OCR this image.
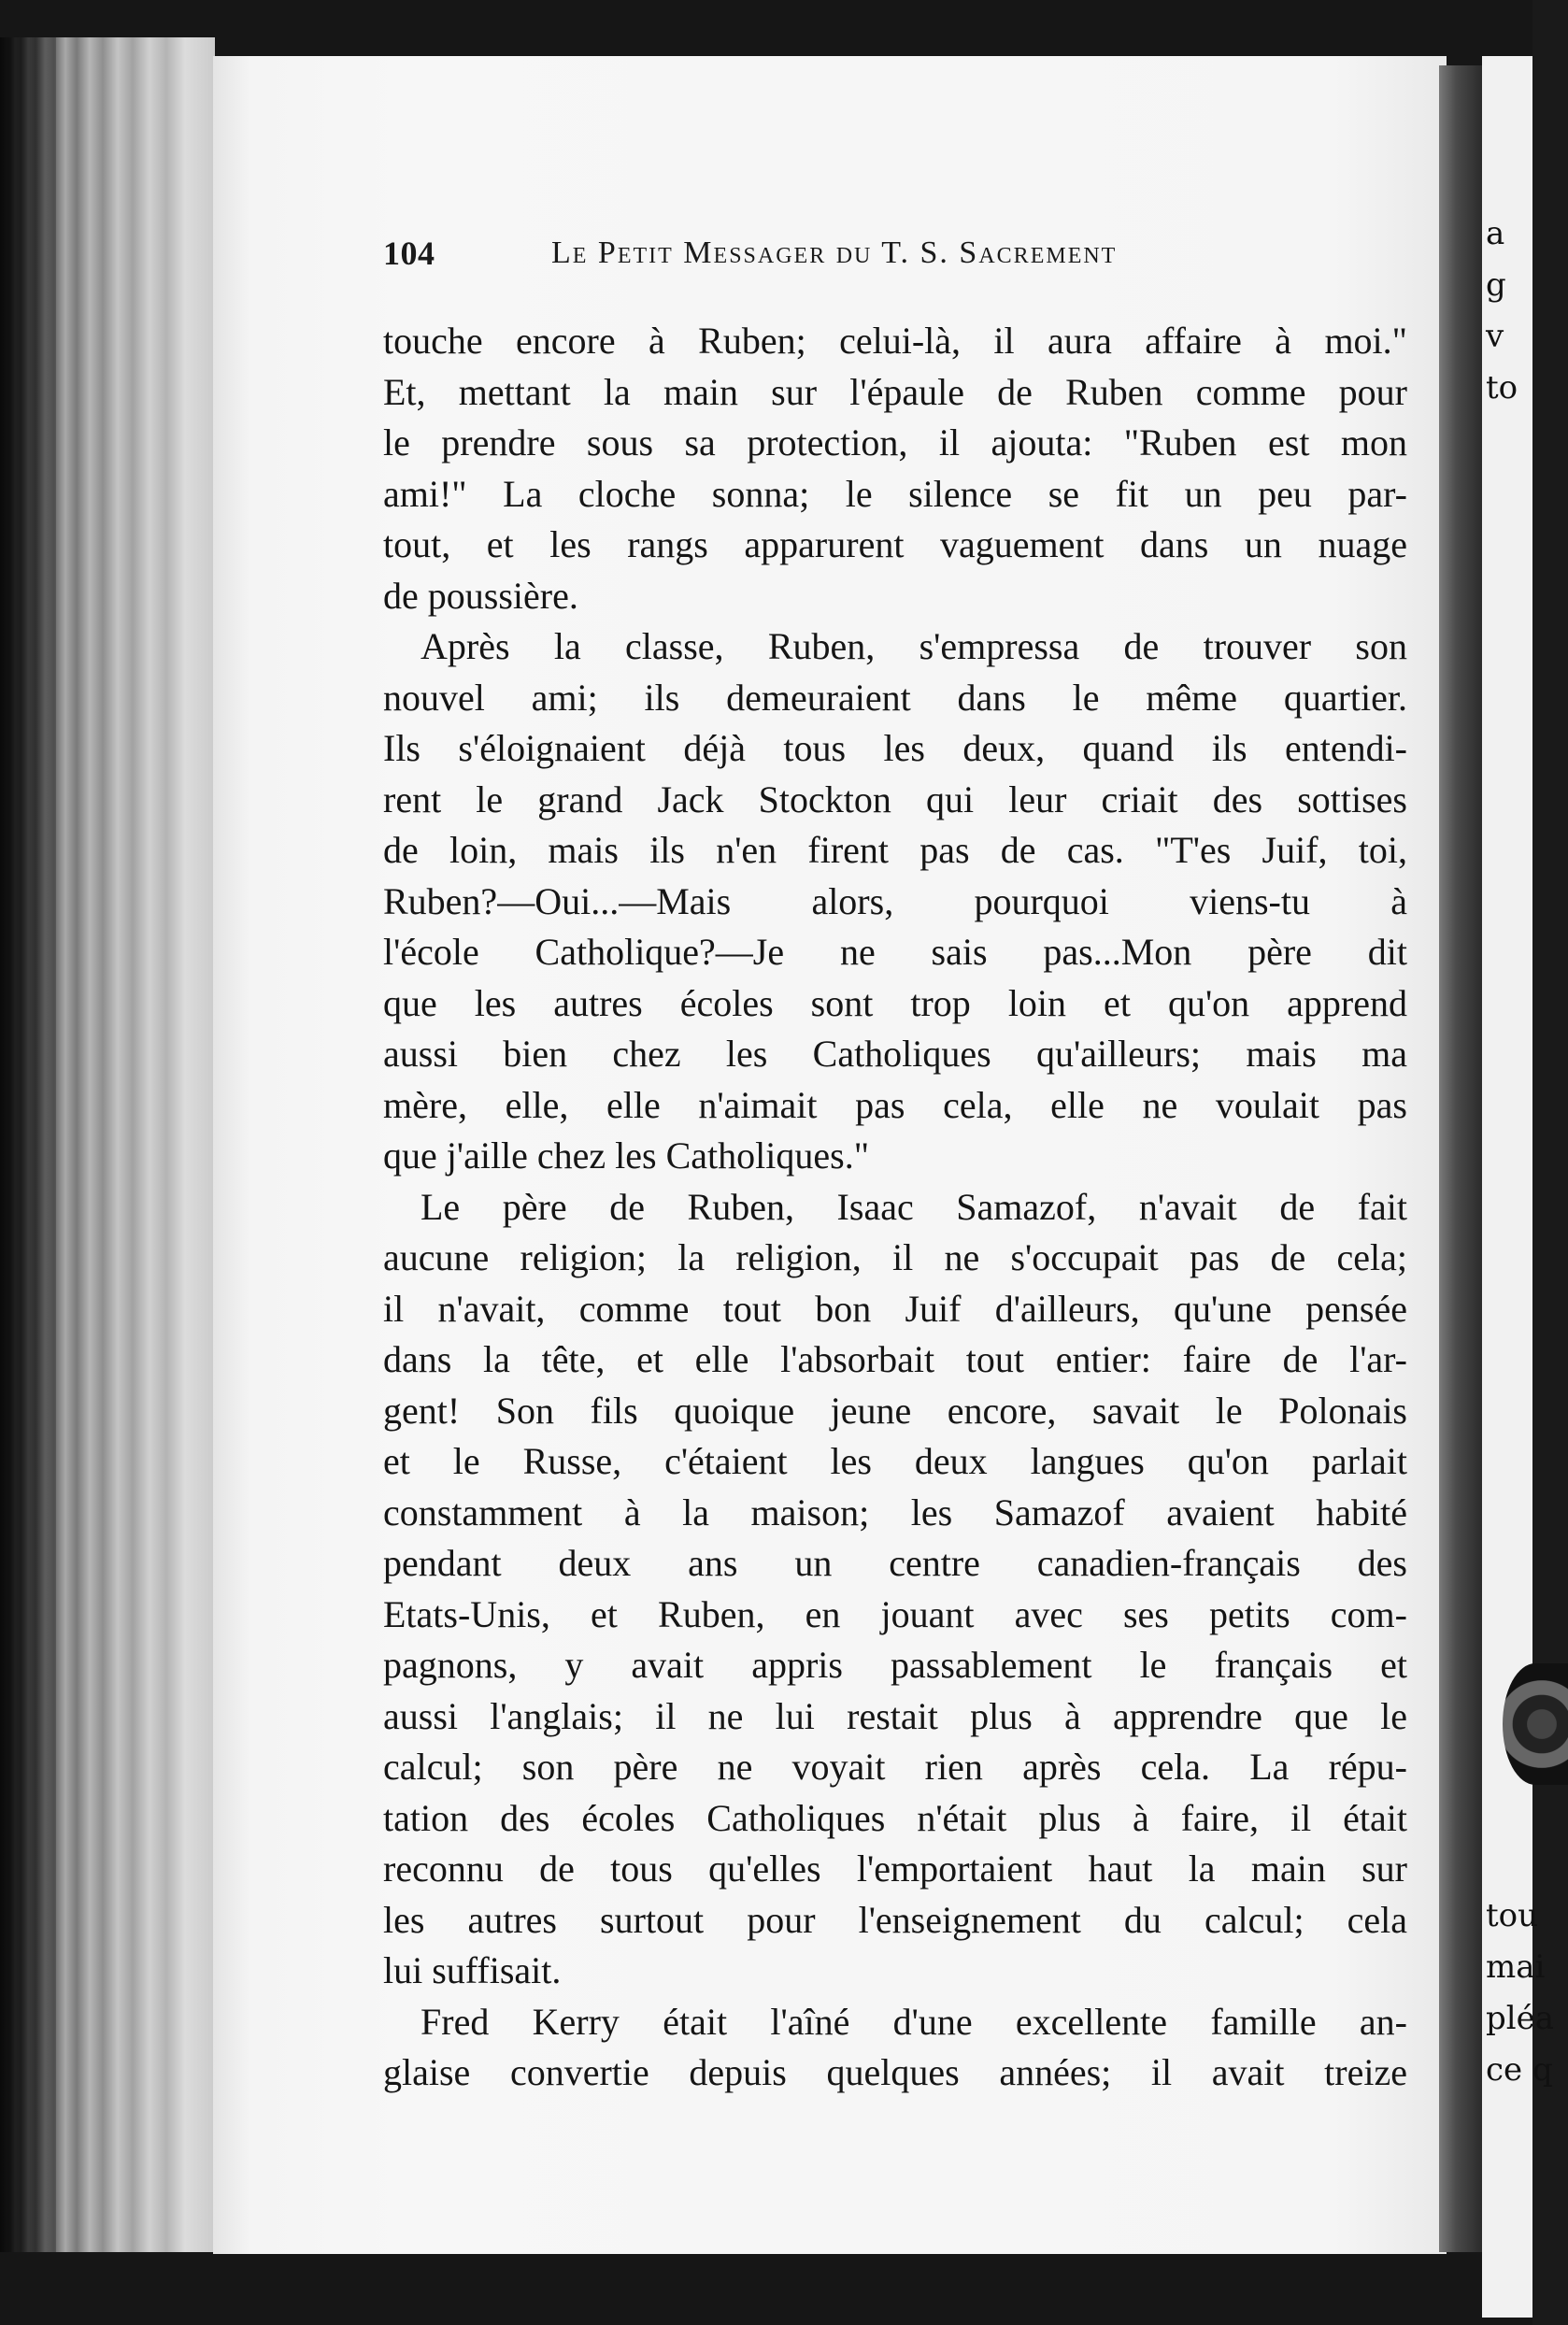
a
g
v
to
tou
mai
pléa
ce q
104	Le Petit Messager du T. S. Sacrement

touche encore à Ruben; celui-là, il aura affaire à moi."
Et, mettant la main sur l'épaule de Ruben comme pour
le prendre sous sa protection, il ajouta: "Ruben est mon
ami!" La cloche sonna; le silence se fit un peu par-
tout, et les rangs apparurent vaguement dans un nuage
de poussière.

Après la classe, Ruben, s'empressa de trouver son
nouvel ami; ils demeuraient dans le même quartier.
Ils s'éloignaient déjà tous les deux, quand ils entendi-
rent le grand Jack Stockton qui leur criait des sottises
de loin, mais ils n'en firent pas de cas. "T'es Juif, toi,
Ruben?—Oui...—Mais alors, pourquoi viens-tu à
l'école Catholique?—Je ne sais pas...Mon père dit
que les autres écoles sont trop loin et qu'on apprend
aussi bien chez les Catholiques qu'ailleurs; mais ma
mère, elle, elle n'aimait pas cela, elle ne voulait pas
que j'aille chez les Catholiques."

Le père de Ruben, Isaac Samazof, n'avait de fait
aucune religion; la religion, il ne s'occupait pas de cela;
il n'avait, comme tout bon Juif d'ailleurs, qu'une pensée
dans la tête, et elle l'absorbait tout entier: faire de l'ar-
gent! Son fils quoique jeune encore, savait le Polonais
et le Russe, c'étaient les deux langues qu'on parlait
constamment à la maison; les Samazof avaient habité
pendant deux ans un centre canadien-français des
Etats-Unis, et Ruben, en jouant avec ses petits com-
pagnons, y avait appris passablement le français et
aussi l'anglais; il ne lui restait plus à apprendre que le
calcul; son père ne voyait rien après cela. La répu-
tation des écoles Catholiques n'était plus à faire, il était
reconnu de tous qu'elles l'emportaient haut la main sur
les autres surtout pour l'enseignement du calcul; cela
lui suffisait.

Fred Kerry était l'aîné d'une excellente famille an-
glaise convertie depuis quelques années; il avait treize
